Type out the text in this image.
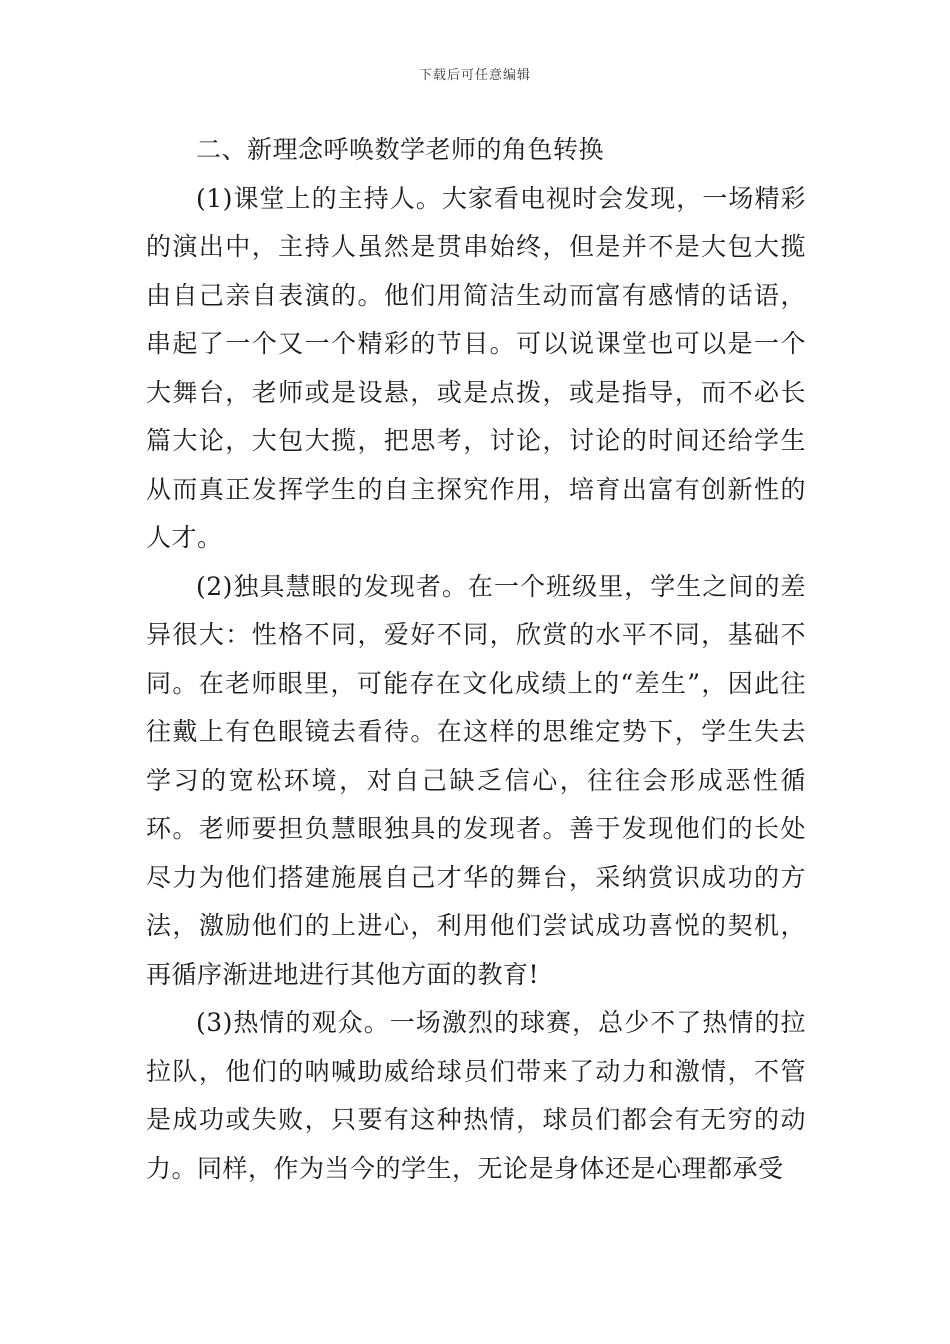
下载后可任意编辑
二、新理念呼唤数学老师的角色转换

(1)课堂上的主持人。大家看电视时会发现，一场精彩的演出中，主持人虽然是贯串始终，但是并不是大包大揽由自己亲自表演的。他们用简洁生动而富有感情的话语，串起了一个又一个精彩的节目。可以说课堂也可以是一个大舞台，老师或是设悬，或是点拨，或是指导，而不必长篇大论，大包大揽，把思考，讨论，讨论的时间还给学生从而真正发挥学生的自主探究作用，培育出富有创新性的人才。

(2)独具慧眼的发现者。在一个班级里，学生之间的差异很大：性格不同，爱好不同，欣赏的水平不同，基础不同。在老师眼里，可能存在文化成绩上的“差生”，因此往往戴上有色眼镜去看待。在这样的思维定势下，学生失去学习的宽松环境，对自己缺乏信心，往往会形成恶性循环。老师要担负慧眼独具的发现者。善于发现他们的长处尽力为他们搭建施展自己才华的舞台，采纳赏识成功的方法，激励他们的上进心，利用他们尝试成功喜悦的契机，再循序渐进地进行其他方面的教育!

(3)热情的观众。一场激烈的球赛，总少不了热情的拉拉队，他们的呐喊助威给球员们带来了动力和激情，不管是成功或失败，只要有这种热情，球员们都会有无穷的动力。同样，作为当今的学生，无论是身体还是心理都承受
